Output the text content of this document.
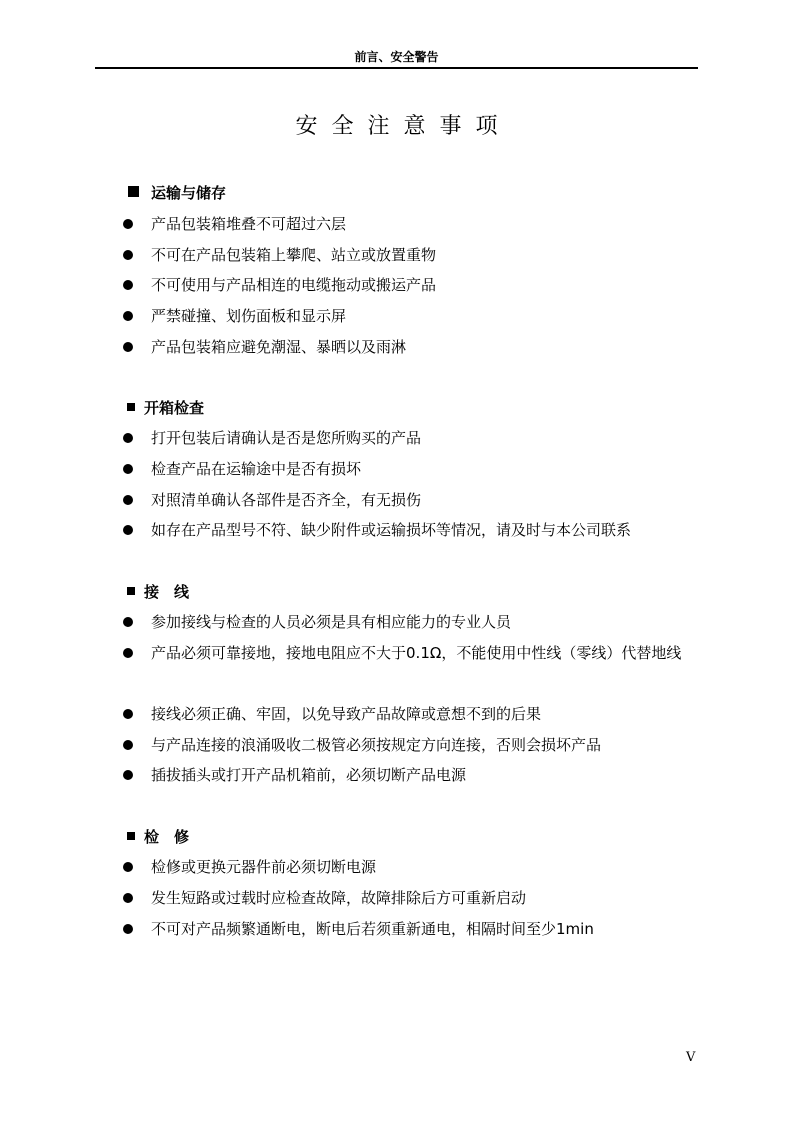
前言、安全警告
安全注意事项
运输与储存
产品包装箱堆叠不可超过六层
不可在产品包装箱上攀爬、站立或放置重物
不可使用与产品相连的电缆拖动或搬运产品
严禁碰撞、划伤面板和显示屏
产品包装箱应避免潮湿、暴晒以及雨淋
开箱检查
打开包装后请确认是否是您所购买的产品
检查产品在运输途中是否有损坏
对照清单确认各部件是否齐全，有无损伤
如存在产品型号不符、缺少附件或运输损坏等情况，请及时与本公司联系
接　线
参加接线与检查的人员必须是具有相应能力的专业人员
产品必须可靠接地，接地电阻应不大于0.1Ω，不能使用中性线（零线）代替地线
接线必须正确、牢固，以免导致产品故障或意想不到的后果
与产品连接的浪涌吸收二极管必须按规定方向连接，否则会损坏产品
插拔插头或打开产品机箱前，必须切断产品电源
检　修
检修或更换元器件前必须切断电源
发生短路或过载时应检查故障，故障排除后方可重新启动
不可对产品频繁通断电，断电后若须重新通电，相隔时间至少1min
V
